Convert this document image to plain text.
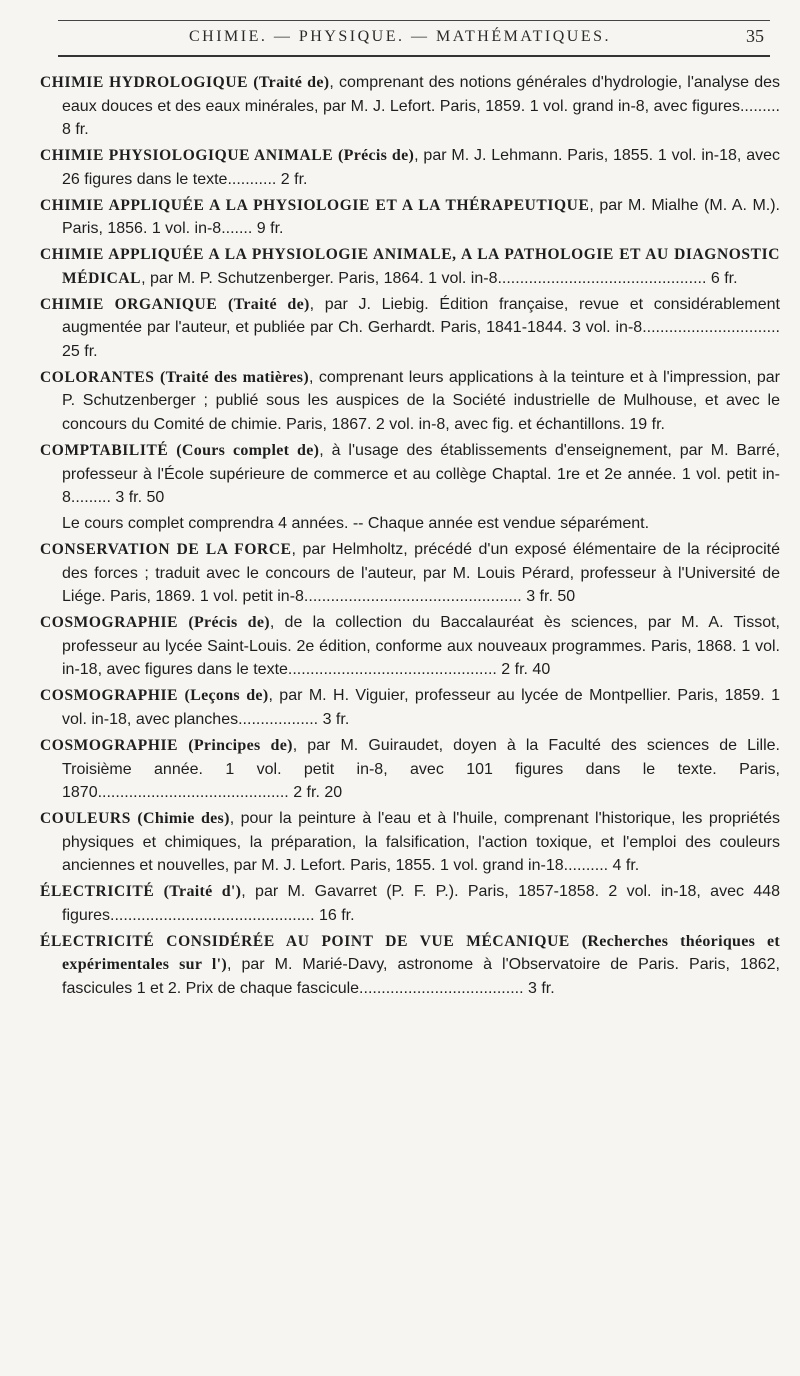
CHIMIE. — PHYSIQUE. — MATHÉMATIQUES.	35
CHIMIE HYDROLOGIQUE (Traité de), comprenant des notions générales d'hydrologie, l'analyse des eaux douces et des eaux minérales, par M. J. Lefort. Paris, 1859. 1 vol. grand in-8, avec figures......... 8 fr.
CHIMIE PHYSIOLOGIQUE ANIMALE (Précis de), par M. J. Lehmann. Paris, 1855. 1 vol. in-18, avec 26 figures dans le texte........... 2 fr.
CHIMIE APPLIQUÉE A LA PHYSIOLOGIE ET A LA THÉRAPEUTIQUE, par M. Mialhe (M. A. M.). Paris, 1856. 1 vol. in-8....... 9 fr.
CHIMIE APPLIQUÉE A LA PHYSIOLOGIE ANIMALE, A LA PATHOLOGIE ET AU DIAGNOSTIC MÉDICAL, par M. P. Schutzenberger. Paris, 1864. 1 vol. in-8............................................... 6 fr.
CHIMIE ORGANIQUE (Traité de), par J. Liebig. Édition française, revue et considérablement augmentée par l'auteur, et publiée par Ch. Gerhardt. Paris, 1841-1844. 3 vol. in-8............................... 25 fr.
COLORANTES (Traité des matières), comprenant leurs applications à la teinture et à l'impression, par P. Schutzenberger ; publié sous les auspices de la Société industrielle de Mulhouse, et avec le concours du Comité de chimie. Paris, 1867. 2 vol. in-8, avec fig. et échantillons. 19 fr.
COMPTABILITÉ (Cours complet de), à l'usage des établissements d'enseignement, par M. Barré, professeur à l'École supérieure de commerce et au collège Chaptal. 1re et 2e année. 1 vol. petit in-8......... 3 fr. 50
Le cours complet comprendra 4 années. -- Chaque année est vendue séparément.
CONSERVATION DE LA FORCE, par Helmholtz, précédé d'un exposé élémentaire de la réciprocité des forces ; traduit avec le concours de l'auteur, par M. Louis Pérard, professeur à l'Université de Liége. Paris, 1869. 1 vol. petit in-8................................................. 3 fr. 50
COSMOGRAPHIE (Précis de), de la collection du Baccalauréat ès sciences, par M. A. Tissot, professeur au lycée Saint-Louis. 2e édition, conforme aux nouveaux programmes. Paris, 1868. 1 vol. in-18, avec figures dans le texte............................................... 2 fr. 40
COSMOGRAPHIE (Leçons de), par M. H. Viguier, professeur au lycée de Montpellier. Paris, 1859. 1 vol. in-18, avec planches.................. 3 fr.
COSMOGRAPHIE (Principes de), par M. Guiraudet, doyen à la Faculté des sciences de Lille. Troisième année. 1 vol. petit in-8, avec 101 figures dans le texte. Paris, 1870........................................... 2 fr. 20
COULEURS (Chimie des), pour la peinture à l'eau et à l'huile, comprenant l'historique, les propriétés physiques et chimiques, la préparation, la falsification, l'action toxique, et l'emploi des couleurs anciennes et nouvelles, par M. J. Lefort. Paris, 1855. 1 vol. grand in-18.......... 4 fr.
ÉLECTRICITÉ (Traité d'), par M. Gavarret (P. F. P.). Paris, 1857-1858. 2 vol. in-18, avec 448 figures.............................................. 16 fr.
ÉLECTRICITÉ CONSIDÉRÉE AU POINT DE VUE MÉCANIQUE (Recherches théoriques et expérimentales sur l'), par M. Marié-Davy, astronome à l'Observatoire de Paris. Paris, 1862, fascicules 1 et 2. Prix de chaque fascicule..................................... 3 fr.
